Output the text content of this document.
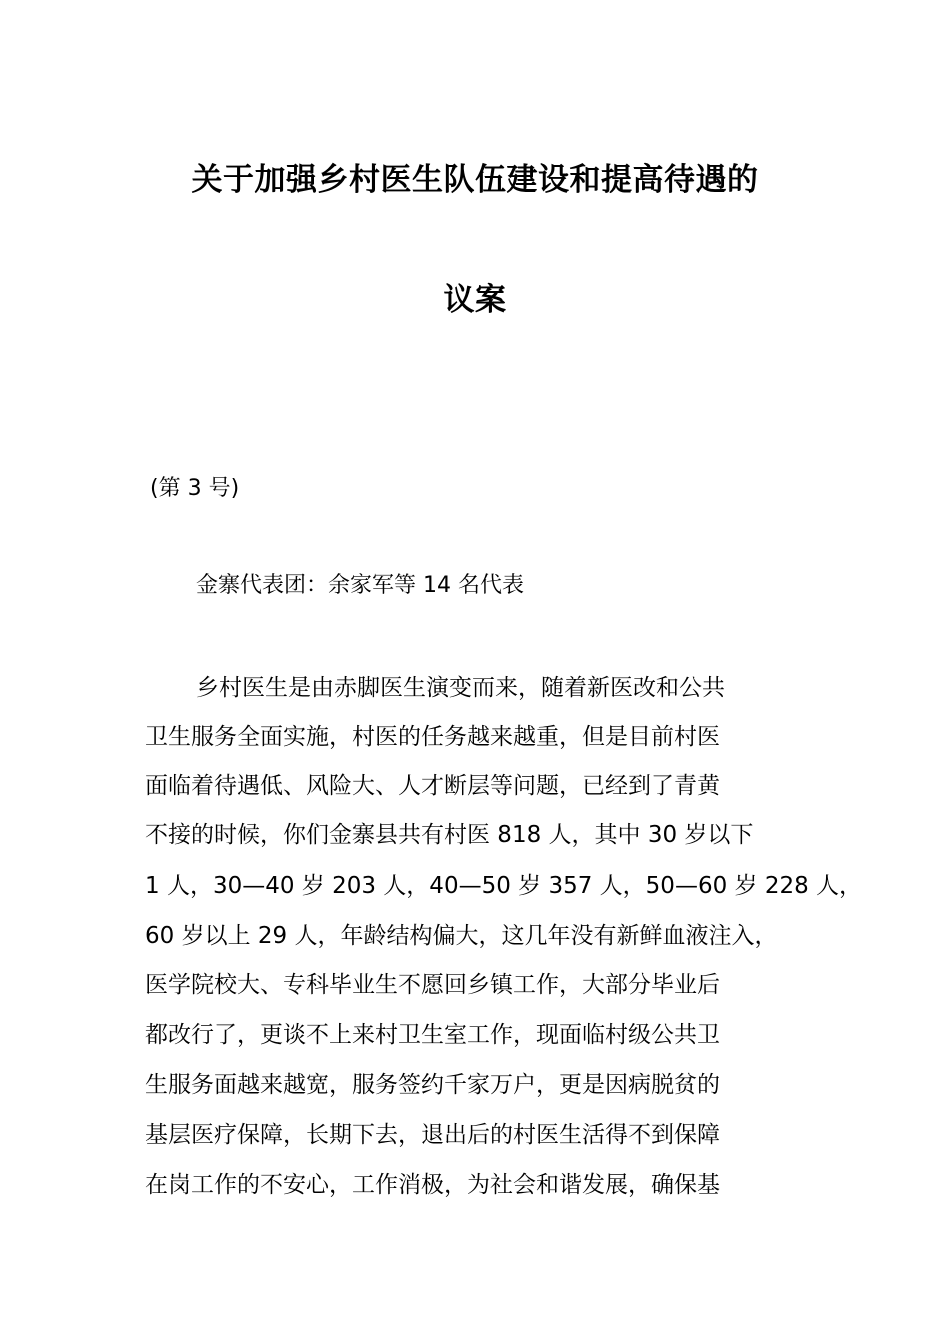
关于加强乡村医生队伍建设和提高待遇的
议案
(第 3 号)
金寨代表团：余家军等 14 名代表
乡村医生是由赤脚医生演变而来，随着新医改和公共
卫生服务全面实施，村医的任务越来越重，但是目前村医
面临着待遇低、风险大、人才断层等问题，已经到了青黄
不接的时候，你们金寨县共有村医 818 人，其中 30 岁以下
1 人，30—40 岁 203 人，40—50 岁 357 人，50—60 岁 228 人，
60 岁以上 29 人，年龄结构偏大，这几年没有新鲜血液注入，
医学院校大、专科毕业生不愿回乡镇工作，大部分毕业后
都改行了，更谈不上来村卫生室工作，现面临村级公共卫
生服务面越来越宽，服务签约千家万户，更是因病脱贫的
基层医疗保障，长期下去，退出后的村医生活得不到保障
在岗工作的不安心，工作消极，为社会和谐发展，确保基
